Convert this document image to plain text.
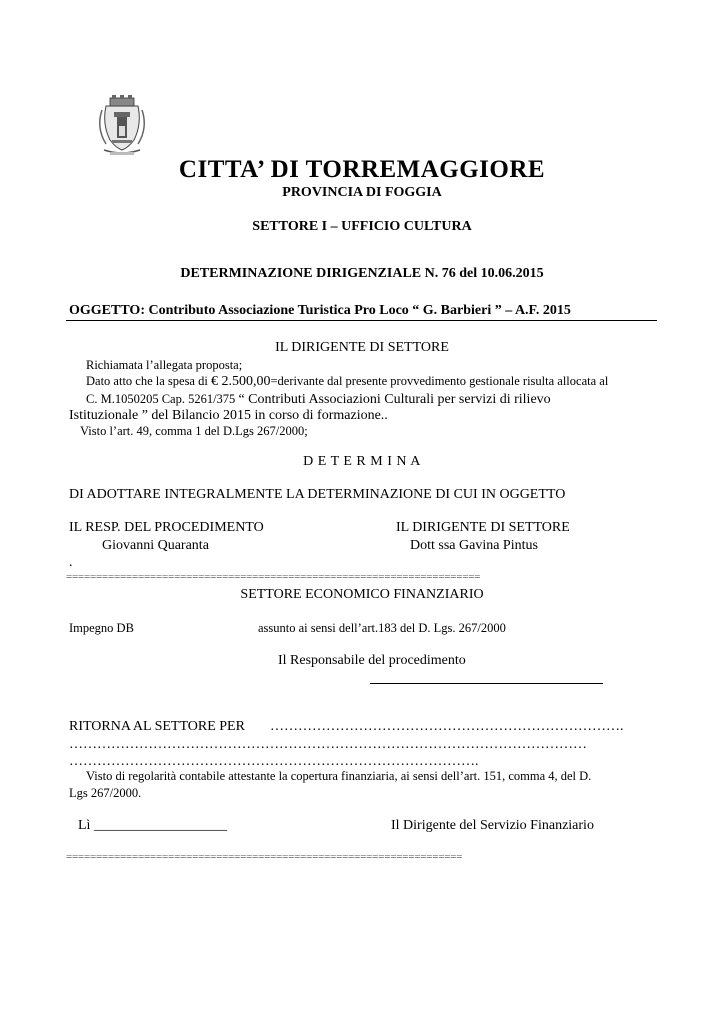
CITTA’ DI TORREMAGGIORE
PROVINCIA DI FOGGIA
SETTORE I – UFFICIO CULTURA
DETERMINAZIONE DIRIGENZIALE N. 76 del 10.06.2015
OGGETTO: Contributo Associazione Turistica Pro Loco “ G. Barbieri ” – A.F. 2015
IL DIRIGENTE DI SETTORE
Richiamata l’allegata proposta;
Dato atto che la spesa di € 2.500,00=derivante dal presente provvedimento gestionale risulta allocata al
C. M.1050205 Cap. 5261/375 “ Contributi Associazioni Culturali per servizi di rilievo
Istituzionale ” del Bilancio 2015 in corso di formazione..
Visto l’art. 49, comma 1 del D.Lgs 267/2000;
D E T E R M I N A
DI ADOTTARE INTEGRALMENTE LA DETERMINAZIONE DI CUI IN OGGETTO
IL RESP. DEL PROCEDIMENTO
Giovanni Quaranta
IL DIRIGENTE DI SETTORE
Dott ssa Gavina Pintus
.
=====================================================================
SETTORE ECONOMICO FINANZIARIO
Impegno DB	assunto ai sensi dell’art.183 del D. Lgs. 267/2000
Il Responsabile del procedimento
RITORNA AL SETTORE PER ………………………………………………………………….
…………………………………………………………………………………………………
…………………………………………………………………………….
Visto di regolarità contabile attestante la copertura finanziaria, ai sensi dell’art. 151, comma 4, del D.
Lgs 267/2000.
Lì ___________________	Il Dirigente del Servizio Finanziario
==================================================================
